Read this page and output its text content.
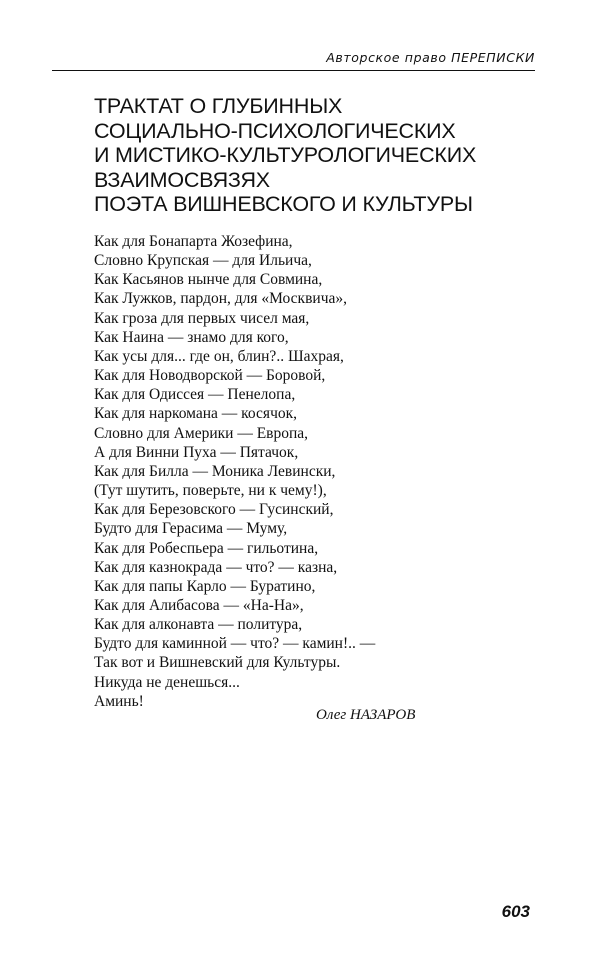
Авторское право ПЕРЕПИСКИ
ТРАКТАТ О ГЛУБИННЫХ
СОЦИАЛЬНО-ПСИХОЛОГИЧЕСКИХ
И МИСТИКО-КУЛЬТУРОЛОГИЧЕСКИХ
ВЗАИМОСВЯЗЯХ
ПОЭТА ВИШНЕВСКОГО И КУЛЬТУРЫ
Как для Бонапарта Жозефина,
Словно Крупская — для Ильича,
Как Касьянов нынче для Совмина,
Как Лужков, пардон, для «Москвича»,
Как гроза для первых чисел мая,
Как Наина — знамо для кого,
Как усы для... где он, блин?.. Шахрая,
Как для Новодворской — Боровой,
Как для Одиссея — Пенелопа,
Как для наркомана — косячок,
Словно для Америки — Европа,
А для Винни Пуха — Пятачок,
Как для Билла — Моника Левински,
(Тут шутить, поверьте, ни к чему!),
Как для Березовского — Гусинский,
Будто для Герасима — Муму,
Как для Робеспьера — гильотина,
Как для казнокрада — что? — казна,
Как для папы Карло — Буратино,
Как для Алибасова — «На-На»,
Как для алконавта — политура,
Будто для каминной — что? — камин!.. —
Так вот и Вишневский для Культуры.
Никуда не денешься...
Аминь!
Олег НАЗАРОВ
603
